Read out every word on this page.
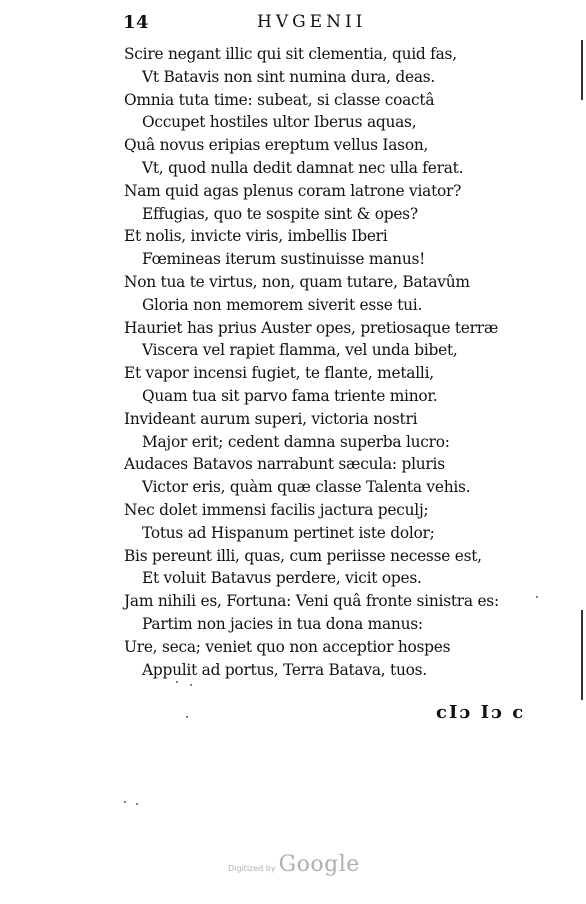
14	HVGENII
Scire negant illic qui sit clementia, quid fas,
Vt Batavis non sint numina dura, deas.
Omnia tuta time: subeat, si classe coactâ
Occupet hostiles ultor Iberus aquas,
Quâ novus eripias ereptum vellus Iason,
Vt, quod nulla dedit damnat nec ulla ferat.
Nam quid agas plenus coram latrone viator?
Effugias, quo te sospite sint & opes?
Et nolis, invicte viris, imbellis Iberi
Fœmineas iterum sustinuisse manus!
Non tua te virtus, non, quam tutare, Batavûm
Gloria non memorem siverit esse tui.
Hauriet has prius Auster opes, pretiosaque terræ
Viscera vel rapiet flamma, vel unda bibet,
Et vapor incensi fugiet, te flante, metalli,
Quam tua sit parvo fama triente minor.
Invideant aurum superi, victoria nostri
Major erit; cedent damna superba lucro:
Audaces Batavos narrabunt sæcula: pluris
Victor eris, quàm quæ classe Talenta vehis.
Nec dolet immensi facilis jactura peculj;
Totus ad Hispanum pertinet iste dolor;
Bis pereunt illi, quas, cum periisse necesse est,
Et voluit Batavus perdere, vicit opes.
Jam nihili es, Fortuna: Veni quâ fronte sinistra es:
Partim non jacies in tua dona manus:
Ure, seca; veniet quo non acceptior hospes
Appulit ad portus, Terra Batava, tuos.
cIɔ Iɔ c
Digitized by Google
